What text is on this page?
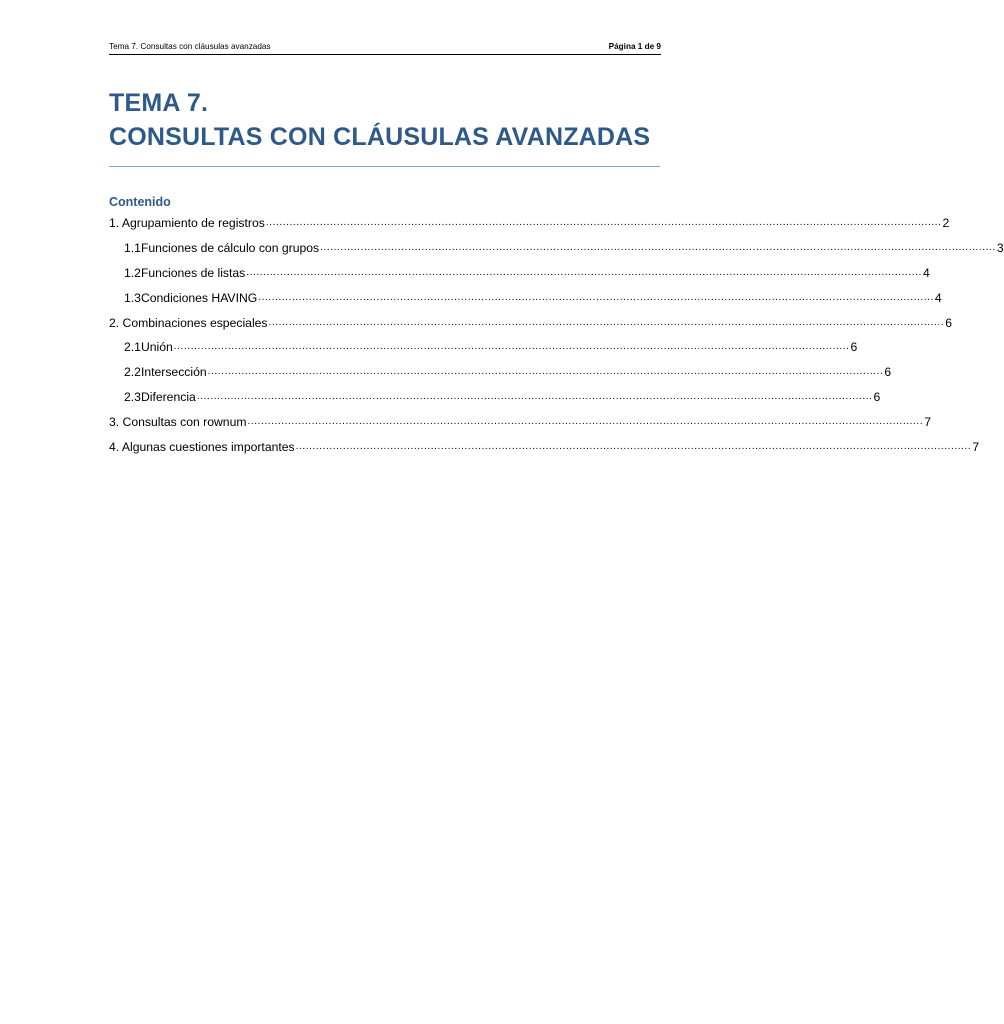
Tema 7. Consultas con cláusulas avanzadas	Página 1 de 9
TEMA 7.
CONSULTAS CON CLÁUSULAS AVANZADAS
Contenido
1. Agrupamiento de registros ........................................................................................................................................................................................................ 2
1.1 Funciones de cálculo con grupos ........................................................................................................................................................................................................ 3
1.2 Funciones de listas ........................................................................................................................................................................................................ 4
1.3 Condiciones HAVING ........................................................................................................................................................................................................ 4
2. Combinaciones especiales ........................................................................................................................................................................................................ 6
2.1 Unión ........................................................................................................................................................................................................ 6
2.2 Intersección ........................................................................................................................................................................................................ 6
2.3 Diferencia ........................................................................................................................................................................................................ 6
3. Consultas con rownum ........................................................................................................................................................................................................ 7
4. Algunas cuestiones importantes ........................................................................................................................................................................................................ 7
